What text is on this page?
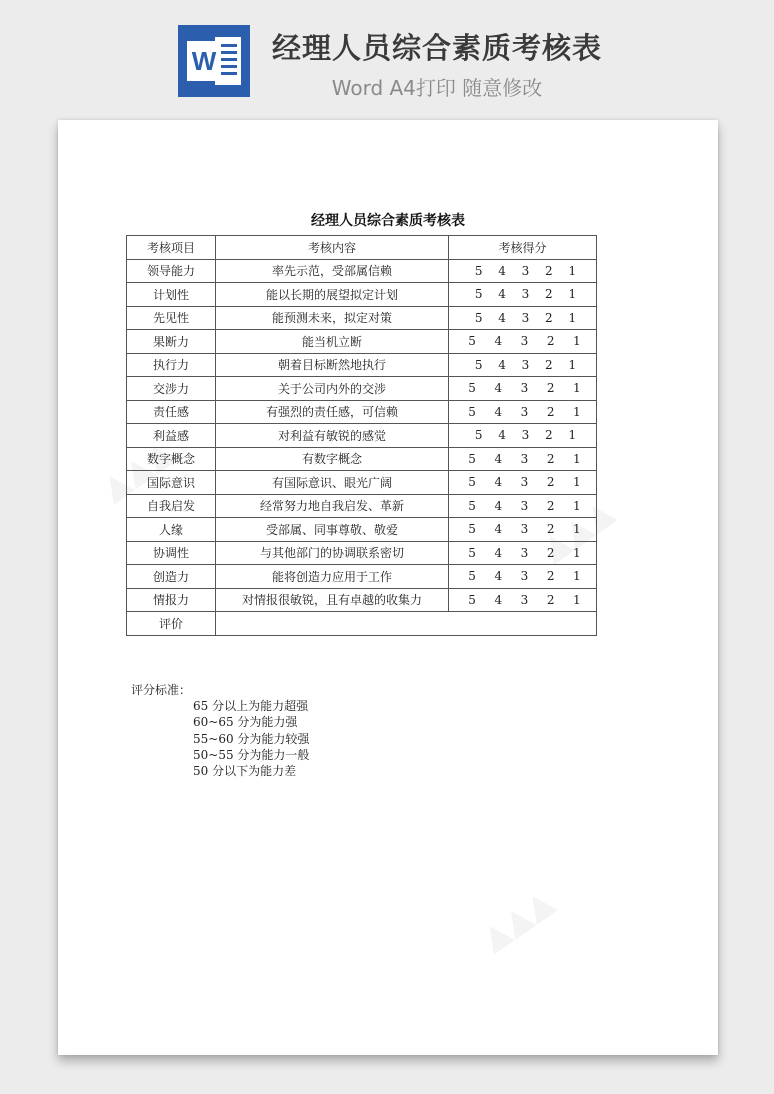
W 经理人员综合素质考核表
Word A4打印 随意修改
经理人员综合素质考核表
考核项目	考核内容	考核得分
领导能力	率先示范，受部属信赖	5 4 3 2 1

计划性	能以长期的展望拟定计划	5 4 3 2 1

先见性	能预测未来，拟定对策	5 4 3 2 1

果断力	能当机立断	5 4 3 2 1

执行力	朝着目标断然地执行	5 4 3 2 1

交涉力	关于公司内外的交涉	5 4 3 2 1

责任感	有强烈的责任感，可信赖	5 4 3 2 1

利益感	对利益有敏锐的感觉	5 4 3 2 1

数字概念	有数字概念	5 4 3 2 1

国际意识	有国际意识、眼光广阔	5 4 3 2 1

自我启发	经常努力地自我启发、革新	5 4 3 2 1

人缘	受部属、同事尊敬、敬爱	5 4 3 2 1

协调性	与其他部门的协调联系密切	5 4 3 2 1

创造力	能将创造力应用于工作	5 4 3 2 1

情报力	对情报很敏锐，且有卓越的收集力	5 4 3 2 1

评价		
评分标准：
65 分以上为能力超强
60~65 分为能力强
55~60 分为能力较强
50~55 分为能力一般
50 分以下为能力差
